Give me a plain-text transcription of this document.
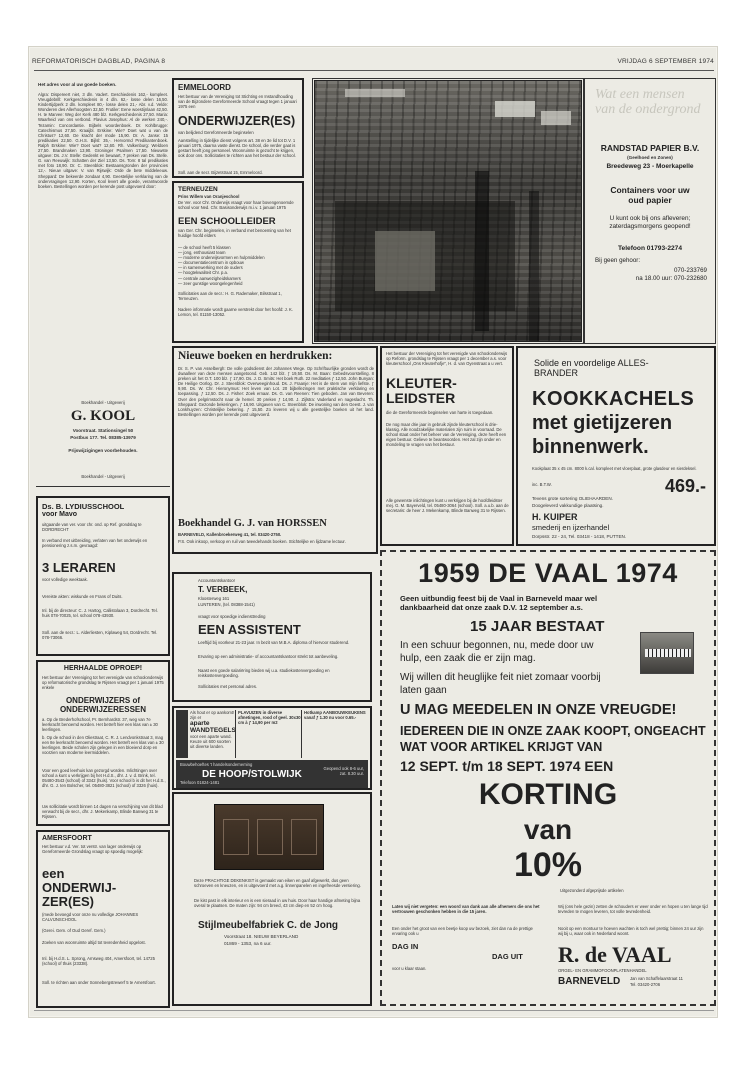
REFORMATORISCH DAGBLAD, PAGINA 8	VRIJDAG 6 SEPTEMBER 1974
Het adres voor al uw goede boeken.
Algra: Dispereert niet, 3 dln. Vadert. Geschiedenis 162,- kompleet. Vreugdebrill: Kerkgeschiedenis in 4 dln. 62,- losse delen 16,50. Kindertijdperk 2 dln. kompleet 80,- losse delen 21,- Abr. v.d. Velde: Wonderen des Allerhoogsten 32,50. Frutiler: Eene woestijnlaan 42,50. H. te Marvee: Weg der Kerk 480 blz. Kerkgeschiedenis 27,50. Maria: Waarheid van ons verbond. Flavius Josephus: Al de werken 240,-. Tezamin: Concordantie. Bijbels woordenboek. Dr. Kohlbrugge: Catechismus 27,50. Kraaijbl. Erskine: Wie? Doet wat u van de Christus? 12,60. De kracht der mode 15,90. Dr. A. Janse: 15 predikaties 22,50. G.H.S. Bijlsl: 35,-. Hervormd Predikantenboek. Ralph Erskine: Wie? Doet wat? 12,60. Rh. Valkenburg: Weldoen 27,50. Brandmaken 13,90. Groninger Psalmen 17,50. Nieuwste uitgave: Ds. J.V. Stelle: Gedenkt en bewaart, 7 preken van Ds. Stelle. G. van Reeuwijk: Schatten der Ziel 13,50. Ds. Tom: 8 tal predikaties met foto 18,90. Dr. C. Steenblok: Bestaansgronden der provincies 12,-. Nieuw uitgave: V. van Rijswijk: Orde de bete middeleeuw. Sheppard: De bekeerde zondaar 4,90. Geestelijke verklaring van de ondervragingen 12,90. Korten, Kool levert alle goede, verantwoorde boeken. Bestellingen worden per kerende post uitgevoerd door:
Boekhandel - Uitgeverij
Boekhandel - Uitgeverij
G. KOOL
Voorstraat. Stationsingel 50
Postbus 177. Tel. 08385-13979
Prijswijzigingen voorbehouden.
EMMELOORD
Het bestuur van de Vereniging tot Stichting en Instandhouding van de Bijzondere Gereformeerde School vraagt tegen 1 januari 1975 een
ONDERWIJZER(ES)
van belijdend Gereformeerde beginselen
Aanstelling in tijdelijke dienst volgens art. 38 en 3e lid tot D.V. 1 januari 1975, daarna vaste dienst. De school, die verder gaat is gestart heeft jong personeel. Woonruimte is gezocht te krijgen, ook door ons. Sollicitaties te richten aan het bestuur der school.
Soll. aan de secr. Bijzetstraat 15, Emmeloord.
TERNEUZEN
Prins Willem van Oranjeschool
De Ver. voor Chr. Onderwijs vraagt voor haar bovengenoemde school voor Ned. Chr. Basisonderwijs m.i.v. 1 januari 1975
EEN SCHOOLLEIDER
van Ger. Chr. beginselen, in verband met benoeming van het huidige hoofd elders
— de school heeft 5 klassen
— jong, enthousiast team
— moderne onderwijsvormen en hulpmiddelen
— documentatiecentrum in opbouw
— in samenwerking met de ouders
— hoogtekwaliteit Chr. p.a.
— centrale aanwezigheidskamers
— zeer gunstige woongelegenheid
Sollicitaties aan de secr.: H. G. Rademaker, Bilsstraat 1, Terneuzen.
Nadere informatie wordt gaarne verstrekt door het hoofd: J. K. Lemon, tel. 01150-13052.
Wat een mensen van de ondergrond
RANDSTAD PAPIER B.V.
(Geelhoed en Zonen)
Breedeweg 23 - Moerkapelle
Containers voor uw
oud papier
U kunt ook bij ons afleveren;
zaterdagsmorgens geopend!
Telefoon 01793-2274
Bij geen gehoor:
070-233769
na 18.00 uur: 070-232680
Nieuwe boeken en herdrukken:
Dr. S. P. van Asselbergh: De volle godsdienst der Johannes Wege. Op Schriftuurlijke gronden wordt de dwaalleer van deze mensen aangetoond. Geb. 142 blz. ƒ 19,50. Ds. M. Baan: Gebedsvoorstelling. 8 preken uit het O.T. 100 blz. ƒ 17,90. Ds. J. D. Smits: Het boek Ruth. 22 meditaties ƒ 12,50. John Bunyan: De Heilige Oorlog. Dr. J. Steenblok: Overweeginhoud. Ds. J. Fraanje: Het is de stem van mijn liefste. ƒ 9,90. Ds. W. Chr. Hieronymus: Het leven van Lot. 20 bijbellezingen met praktische verklaring en toepassing. ƒ 12,50. Ds. J. Fisher: Zoek ernaar. Ds. G. van Reenen: Tien geboden. Jan van Beveren: Over den pelgrimstocht naar de hemel. 30 preken ƒ 14,90. J. Zijlstra: Vaderland en nageslacht. Th. Sheppard: Gezonde bekeringen. ƒ 16,90. Uitgaven van C. Steenblok: De inwoning van den Geest. J. van Lonkhuyzen: Christelijke bekering. ƒ 15,50. Zo leveren wij u alle geestelijke boeken uit het land. Bestellingen worden per kerende post uitgevoerd.
Boekhandel G. J. van HORSSEN
BARNEVELD, Kallenbroekerweg 41, tel. 03420-2750.
P.S. Ook inkoop, verkoop en ruil van tweedehands boeken. Stichtelijke en lijdzame lectuur.
Het bestuur der Vereniging tot het verenigde van schoolonderwijs op Reform. grondslag te Rijssen vraagt per 1 december a.s. voor kleuterschool „Ons Kleuterhofje", H. d. van Oyenstraat a u vert.
KLEUTER-
LEIDSTER
die de Gereformeerde beginselen van harte is toegedaan.
De nog maar drie jaar in gebruik zijnde kleuterschool is drie-klassig. Alle noodzakelijke materialen zijn ruim in voorraad. De school staat onder het beheer van de Vereniging, deze heeft een eigen bestuur. Gelieve te beantwoorden. Het zal zijn onder en mondeling te vragen van het bestuur.
Alle gewenste inlichtingen kunt u verkrijgen bij de hoofdleidster mej. G. M. Bayerveld, tel. 05480-3064 (school). Soll. a.u.b. aan de secretaris: de heer J. Mekenkamp, Blinde Banweg 31 te Rijssen.
Solide en voordelige ALLES-
BRANDER
KOOKKACHELS
met gietijzeren
binnenwerk.
Kookplaat 35 x 45 cm. 8000 k.cal. kompleet met vloerplaat, grote glasdeur en sierdeksel.
inc. B.T.W.	469.-
Tevens grote sortering OLIEHAARDEN.
Doogeleverd vakkundige plaatsing.
H. KUIPER
smederij en ijzerhandel
Dorpsstr. 22 - 24, Tel. 03418 - 1418, PUTTEN.
Ds. B. LYDIUSSCHOOL
voor Mavo
uitgaande van ver. voor chr. ond. op Ref. grondslag te DORDRECHT
In verband met uitbreiding, verlaten van het onderwijs en pensionering z.s.m. gevraagd:
3 LERAREN
voor volledige weektaak.
Vereiste akten: wiskunde en Frans of Duits.
Inl. bij de directeur: C. J. Hartog, Callistolaan 3, Dordrecht. Tel. huis 078-70025, tel. school 078-43930.
Soll. aan de secr.: L. Alderliesten, Kiplaweg 54, Dordrecht. Tel. 078-73066.
HERHAALDE OPROEP!
Het bestuur der Vereniging tot het verenigde van schoolonderwijs op reformatorische grondslag te Rijssen vraagt per 1 januari 1975 enkele
ONDERWIJZERS of
ONDERWIJZERESSEN
a. Op de Brederhofschool, Pr. Bernhardstr. 37, weg van 7e leerkracht benoemd worden. Het betreft hier een klas van ± 30 leerlingen.
b. Op de school in den Oliestraat, C. R. J. Lendvonkstraat 3, mag een 8e leerkracht benoemd worden. Het betreft een klas van ± 30 leerlingen. Beide scholen zijn gelegen in een bloeiend dorp en voorzien van moderne leermiddelen.
Voor een goed leerhuis kan gezorgd worden. Inlichtingen over school a kunt u verkrijgen bij het H.d.S., dhr. J. v. d. Brink, tel. 05480-3543 (school) of 3342 (huis). Voor school b is dit het H.d.S., dhr. G. J. ten Bolscher, tel. 05480-3821 (school) of 3326 (huis).
Uw sollicitatie wordt binnen 14 dagen na verschijning van dit blad verwacht bij de secr., dhr. J. Mekenkamp, Blinde Banweg 31 te Rijssen.
AMERSFOORT
Het bestuur v.d. Ver. tot verstr. van lager onderwijs op Gereformeerde Grondslag vraagt op spoedig mogelijk:
een
ONDERWIJ-
ZER(ES)
(mede bevoegd voor onze nu volledige JOHANNES CALVIJNSCHOOL
(Gerei. Gem. of Oud Geref. Gem.)
Zoeken van woonruimte altijd tot tevredenheid opgelost.
Inl. bij H.d.S. L. Sprong, Arnsweg 404, Amersfoort, tel. 14725 (school) of thuis (23338).
Soll. te richten aan onder Sonnebergstrewerf 5 te Amersfoort.
Accountantskantoor
T. VERBEEK,
Kloosterweg 161
LUNTEREN, (tel. 08388-1541)
vraagt voor spoedige indiensttreding
EEN ASSISTENT
Leeftijd bij voorkeur 21-23 jaar. In bezit van M.B.A. diploma of hiervoor studerend.
Ervaring op een administratie- of accountantskantoor strekt tot aanbeveling.
Naast een goede salariëring bieden wij u.a. studiekostenvergoeding en reiskostenvergoeding.
Sollicitaties met personal adres.
Als hout er op aankomt! zijn er
aparte WANDTEGELS
voor een aparte wand. Keuze uit 600 soorten uit diverse landen.
PLAVUIZEN in diverse afmetingen, rood of geel. 30x30 cm à ƒ 14,90 per m2
Hotkamp AANBOUWKEUKENS vanaf ƒ 1.30 nu voor 0.65.-
Bouwbehoeftes 't handelsonderneming
DE HOOP/STOLWIJK
Telefoon 01824-1481
Geopend ook 8-6 uur, zat. 8.30 uur.
Deze PRACHTIGE DEKENKIST is gemaakt van eiken en gaaf afgewerkt, dus geen schroeven en kneuzen, en is uitgevoerd met a.g. linnenpanelen en ingefreesde versiering.
De kist past in elk interieur en is een sieraad in uw huis. Door haar handige afmeting bijna overal te plaatsen. De maten zijn: 94 cm breed, 43 cm diep en 52 cm hoog.
Stijlmeubelfabriek C. de Jong
Voorstraat 18. NIEUW BEYERLAND
01869 - 1353, na 6 uur.
1959 DE VAAL 1974
Geen uitbundig feest bij de Vaal in Barneveld maar wel
dankbaarheid dat onze zaak D.V. 12 september a.s.
15 JAAR BESTAAT
In een schuur begonnen, nu, mede door uw
hulp, een zaak die er zijn mag.
Wij willen dit heuglijke feit niet zomaar voorbij
laten gaan
U MAG MEEDELEN IN ONZE VREUGDE!
IEDEREEN DIE IN ONZE ZAAK KOOPT, ONGEACHT
WAT VOOR ARTIKEL KRIJGT VAN
12 SEPT. t/m 18 SEPT. 1974 EEN
KORTING
van
10%
Uitgezonderd afgeprijsde artikelen
Laten wij niet vergeten: een woord van dank aan alle afnemers die ons het vertrouwen geschonken hebben in die 15 jaren.
Een onder het groot van een beetje koop uw bezoek, ziet dan na de prettige ervaring ook u
DAG IN
DAG UIT
voor u klaar staan.
Wij (ons hele gezin) zetten de schouders er weer onder en hopen u ten lange tijd tevreden te mogen leveren, tot volle tevredenheid.
Nooit op een montuur te hoeven wachten is toch wel prettig; binnen 24 uur zijn wij bij u, waar ook in Nederland woont.
R. de VAAL
ORGEL- EN GRAMMOFOONPLATENHANDEL
BARNEVELD Jan van Schaffelaarstraat 11
Tel. 03420-2706
